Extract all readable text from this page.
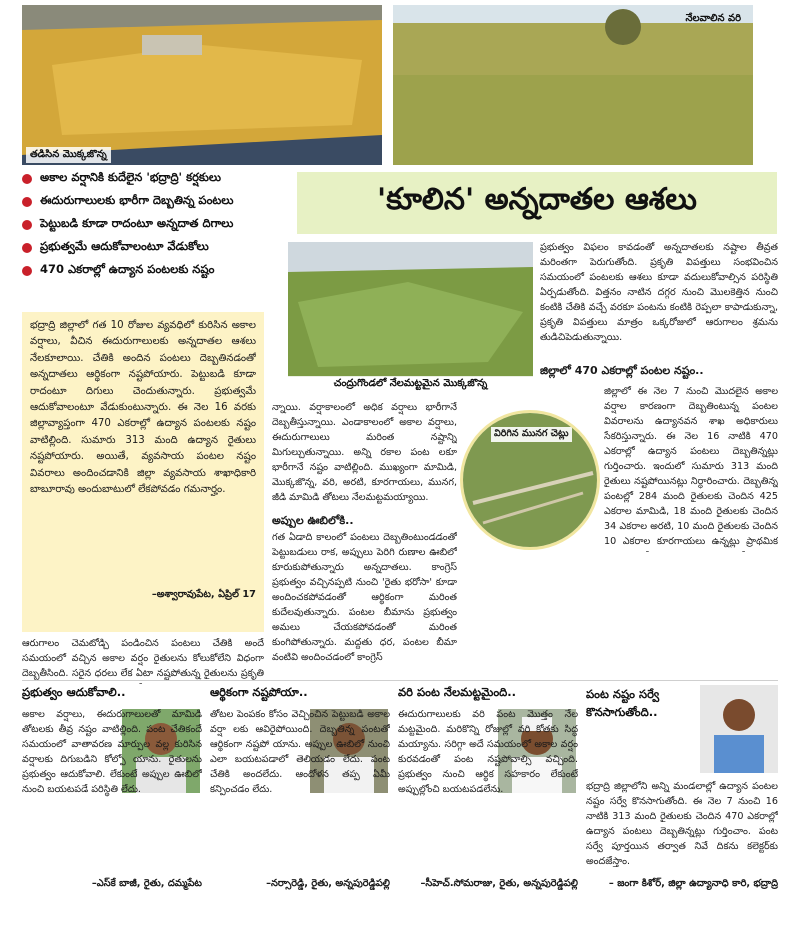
తడిసిన మొక్కజొన్న
నేలవాలిన వరి
అకాల వర్షానికి కుదేలైన 'భద్రాద్రి' కర్షకులు
ఈదురుగాలులకు భారీగా దెబ్బతిన్న పంటలు
పెట్టుబడి కూడా రాదంటూ అన్నదాత దిగాలు
ప్రభుత్వమే ఆదుకోవాలంటూ వేడుకోలు
470 ఎకరాల్లో ఉద్యాన పంటలకు నష్టం
'కూలిన' అన్నదాతల ఆశలు
చంద్రుగొండలో నేలమట్టమైన మొక్కజొన్న
విరిగిన మునగ చెట్లు
భద్రాద్రి జిల్లాలో గత 10 రోజుల వ్యవధిలో కురిసిన అకాల వర్షాలు, వీచిన ఈదురుగాలులకు అన్నదాతల ఆశలు నేలకూలాయి. చేతికి అందిన పంటలు దెబ్బతినడంతో అన్నదాతలు ఆర్థికంగా నష్టపోయారు. పెట్టుబడి కూడా రాదంటూ దిగులు చెందుతున్నారు. ప్రభుత్వమే ఆదుకోవాలంటూ వేడుకుంటున్నారు. ఈ నెల 16 వరకు జిల్లావ్యాప్తంగా 470 ఎకరాల్లో ఉద్యాన పంటలకు నష్టం వాటిల్లింది. సుమారు 313 మంది ఉద్యాన రైతులు నష్టపోయారు. అయితే, వ్యవసాయ పంటల నష్టం వివరాలు అందించడానికి జిల్లా వ్యవసాయ శాఖాధికారి బాబూరావు అందుబాటులో లేకపోవడం గమనార్హం.
–అశ్వారావుపేట, ఏప్రిల్ 17
ఆరుగాలం చెమటోడ్చి పండించిన పంటలు చేతికి అందే సమయంలో వచ్చిన అకాల వర్షం రైతులను కోలుకోలేని విధంగా దెబ్బతీసింది. సరైన ధరలు లేక ఏటా నష్టపోతున్న రైతులను ప్రకృతి
న్నాయి. వర్షాకాలంలో అధిక వర్షాలు భారీగానే దెబ్బతీస్తున్నాయి. ఎండాకాలంలో అకాల వర్షాలు, ఈదురుగాలులు మరింత నష్టాన్ని మిగుల్చుతున్నాయి. అన్ని రకాల పంట లకూ భారీగానే నష్టం వాటిల్లింది. ముఖ్యంగా మామిడి, మొక్కజొన్న, వరి, అరటి, కూరగాయలు, మునగ, జీడి మామిడి తోటలు నేలమట్టమయ్యాయి.
అప్పుల ఊబిలోకి..
గత ఏడాది కాలంలో పంటలు దెబ్బతింటుండడంతో పెట్టుబడులు రాక, అప్పులు పెరిగి రుణాల ఊబిలో కూరుకుపోతున్నారు అన్నదాతలు. కాంగ్రెస్ ప్రభుత్వం వచ్చినప్పటి నుంచి 'రైతు భరోసా' కూడా అందించకపోవడంతో ఆర్థికంగా మరింత కుదేలవుతున్నారు. పంటల బీమాను ప్రభుత్వం అమలు చేయకపోవడంతో మరింత కుంగిపోతున్నారు. మద్దతు ధర, పంటల బీమా వంటివి అందించడంలో కాంగ్రెస్
ప్రభుత్వం విఫలం కావడంతో అన్నదాతలకు నష్టాల తీవ్రత మరింతగా పెరుగుతోంది. ప్రకృతి విపత్తులు సంభవించిన సమయంలో పంటలకు ఆశలు కూడా వదులుకోవాల్సిన పరిస్థితి ఏర్పడుతోంది. విత్తనం నాటిన దగ్గర నుంచి మొలకెత్తిన నుంచి కంటికి చేతికి వచ్చే వరకూ పంటను కంటికి రెప్పలా కాపాడుకున్నా, ప్రకృతి విపత్తులు మాత్రం ఒక్కరోజులో ఆరుగాలం శ్రమను తుడిచిపెడుతున్నాయి.
జిల్లాలో 470 ఎకరాల్లో పంటల నష్టం..
జిల్లాలో ఈ నెల 7 నుంచి మొదలైన అకాల వర్షాల కారణంగా దెబ్బతింటున్న పంటల వివరాలను ఉద్యానవన శాఖ అధికారులు సేకరిస్తున్నారు. ఈ నెల 16 నాటికి 470 ఎకరాల్లో ఉద్యాన పంటలు దెబ్బతిన్నట్లు గుర్తించారు. ఇందులో సుమారు 313 మంది రైతులు నష్టపోయినట్లు నిర్ధారించారు. దెబ్బతిన్న పంటల్లో 284 మంది రైతులకు చెందిన 425 ఎకరాల మామిడి, 18 మంది రైతులకు చెందిన 34 ఎకరాల అరటి, 10 మంది రైతులకు చెందిన 10 ఎకరాల కూరగాయలు ఉన్నట్లు ప్రాథమిక
ప్రభుత్వం ఆదుకోవాలి..
అకాల వర్షాలు, ఈదురుగాలులతో మామిడి తోటలకు తీవ్ర నష్టం వాటిల్లింది. పంట చేతికందే సమయంలో వాతావరణ మార్పుల వల్ల కురిసిన వర్షాలకు దిగుబడిని కోల్పో యాను. రైతులను ప్రభుత్వం ఆదుకోవాలి. లేకుంటే అప్పుల ఊబిలో నుంచి బయటపడే పరిస్థితి లేదు.
–ఎస్‌కే బాజీ, రైతు, దమ్మపేట
ఆర్థికంగా నష్టపోయా..
తోటల పెంపకం కోసం వెచ్చించిన పెట్టుబడి అకాల వర్షా లకు ఆవిరైపోయింది. దెబ్బతిన్న పంటతో ఆర్థికంగా నష్టపో యాను. అప్పుల ఊబిలో నుంచి ఎలా బయటపడాలో తెలియడం లేదు. పంట చేతికి అందలేదు. ఆందోళన తప్ప ఏమీ కన్పించడం లేదు.
–నర్సారెడ్డి, రైతు, అన్నపురెడ్డిపల్లి
వరి పంట నేలమట్టమైంది..
ఈదురుగాలులకు వరి పంట మొత్తం నేల మట్టమైంది. మరికొన్ని రోజుల్లో వరి కోతకు సిద్ధ మయ్యాను. సరిగ్గా అదే సమయంలో అకాల వర్షం కురవడంతో పంట నష్టపోవాల్సి వచ్చింది. ప్రభుత్వం నుంచి ఆర్థిక సహకారం లేకుంటే అప్పుల్లోంచి బయటపడలేను.
–సీహెచ్.సోమరాజు, రైతు, అన్నపురెడ్డిపల్లి
పంట నష్టం సర్వే కొనసాగుతోంది..
భద్రాద్రి జిల్లాలోని అన్ని మండలాల్లో ఉద్యాన పంటల నష్టం సర్వే కొనసాగుతోంది. ఈ నెల 7 నుంచి 16 నాటికి 313 మంది రైతులకు చెందిన 470 ఎకరాల్లో ఉద్యాన పంటలు దెబ్బతిన్నట్లు గుర్తించాం. పంట సర్వే పూర్తయిన తర్వాత నివే దికను కలెక్టర్‌కు అందజేస్తాం.
– జంగా కిశోర్, జిల్లా ఉద్యానాధి కారి, భద్రాద్రి
